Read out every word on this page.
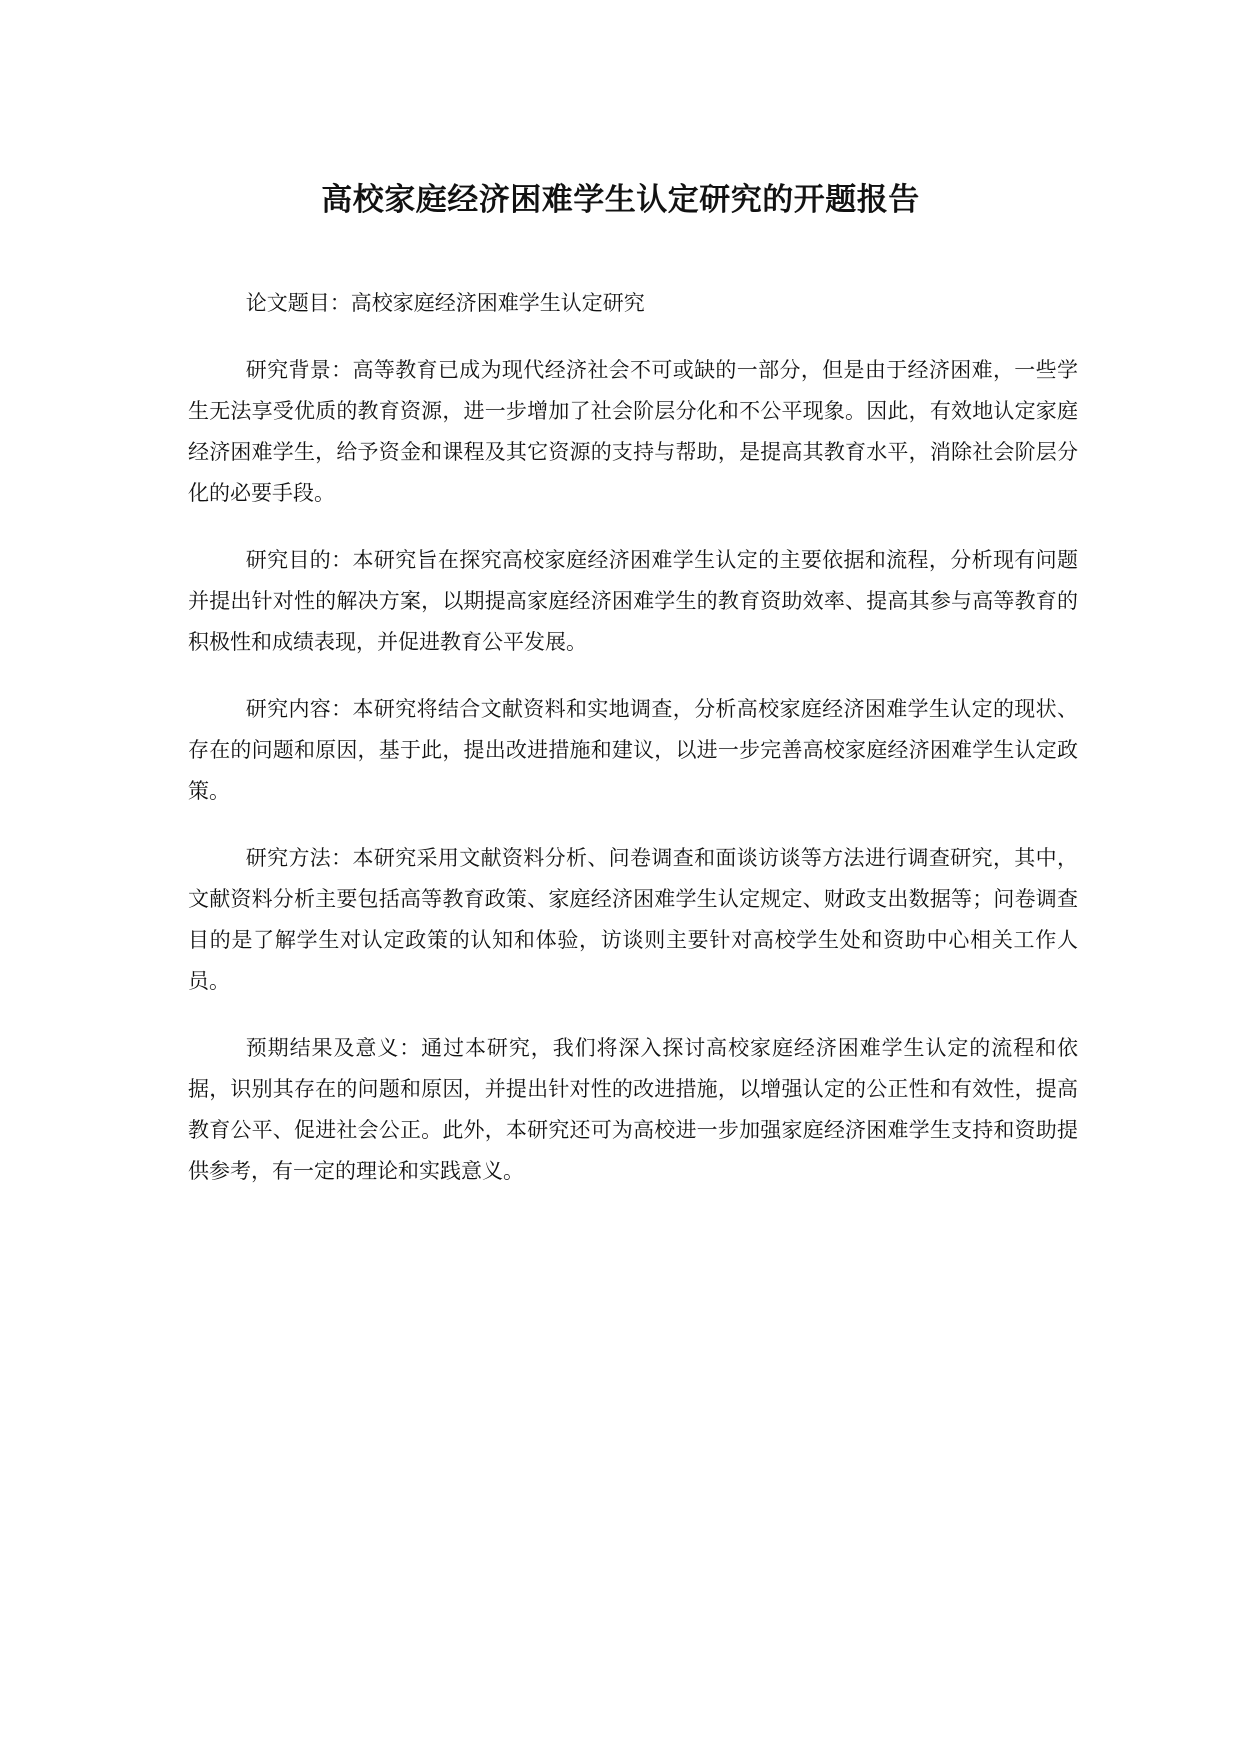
高校家庭经济困难学生认定研究的开题报告

论文题目：高校家庭经济困难学生认定研究

研究背景：高等教育已成为现代经济社会不可或缺的一部分，但是由于经济困难，一些学生无法享受优质的教育资源，进一步增加了社会阶层分化和不公平现象。因此，有效地认定家庭经济困难学生，给予资金和课程及其它资源的支持与帮助，是提高其教育水平，消除社会阶层分化的必要手段。

研究目的：本研究旨在探究高校家庭经济困难学生认定的主要依据和流程，分析现有问题并提出针对性的解决方案，以期提高家庭经济困难学生的教育资助效率、提高其参与高等教育的积极性和成绩表现，并促进教育公平发展。

研究内容：本研究将结合文献资料和实地调查，分析高校家庭经济困难学生认定的现状、存在的问题和原因，基于此，提出改进措施和建议，以进一步完善高校家庭经济困难学生认定政策。

研究方法：本研究采用文献资料分析、问卷调查和面谈访谈等方法进行调查研究，其中，文献资料分析主要包括高等教育政策、家庭经济困难学生认定规定、财政支出数据等；问卷调查目的是了解学生对认定政策的认知和体验，访谈则主要针对高校学生处和资助中心相关工作人员。

预期结果及意义：通过本研究，我们将深入探讨高校家庭经济困难学生认定的流程和依据，识别其存在的问题和原因，并提出针对性的改进措施，以增强认定的公正性和有效性，提高教育公平、促进社会公正。此外，本研究还可为高校进一步加强家庭经济困难学生支持和资助提供参考，有一定的理论和实践意义。
